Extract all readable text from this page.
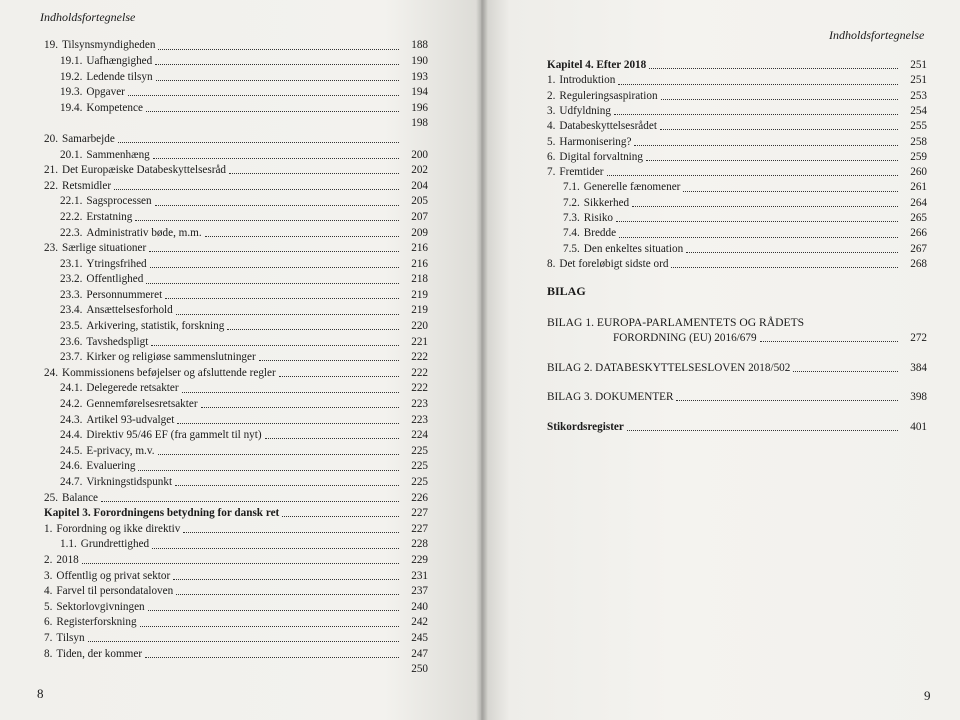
Indholdsfortegnelse
19. Tilsynsmyndigheden	188
19.1. Uafhængighed	190
19.2. Ledende tilsyn	193
19.3. Opgaver	194
19.4. Kompetence	196
198
20. Samarbejde
20.1. Sammenhæng	200
21. Det Europæiske Databeskyttelsesråd	202
22. Retsmidler	204
22.1. Sagsprocessen	205
22.2. Erstatning	207
22.3. Administrativ bøde, m.m.	209
23. Særlige situationer	216
23.1. Ytringsfrihed	216
23.2. Offentlighed	218
23.3. Personnummeret	219
23.4. Ansættelsesforhold	219
23.5. Arkivering, statistik, forskning	220
23.6. Tavshedspligt	221
23.7. Kirker og religiøse sammenslutninger	222
24. Kommissionens beføjelser og afsluttende regler	222
24.1. Delegerede retsakter	222
24.2. Gennemførelsesretsakter	223
24.3. Artikel 93-udvalget	223
24.4. Direktiv 95/46 EF (fra gammelt til nyt)	224
24.5. E-privacy, m.v.	225
24.6. Evaluering	225
24.7. Virkningstidspunkt	225
25. Balance	226
Kapitel 3. Forordningens betydning for dansk ret	227
1. Forordning og ikke direktiv	227
1.1. Grundrettighed	228
2. 2018	229
3. Offentlig og privat sektor	231
4. Farvel til persondataloven	237
5. Sektorlovgivningen	240
6. Registerforskning	242
7. Tilsyn	245
8. Tiden, der kommer	247
250
8
Indholdsfortegnelse
Kapitel 4. Efter 2018	251
1. Introduktion	251
2. Reguleringsaspiration	253
3. Udfyldning	254
4. Databeskyttelsesrådet	255
5. Harmonisering?	258
6. Digital forvaltning	259
7. Fremtider	260
7.1. Generelle fænomener	261
7.2. Sikkerhed	264
7.3. Risiko	265
7.4. Bredde	266
7.5. Den enkeltes situation	267
8. Det foreløbigt sidste ord	268
BILAG
BILAG 1. EUROPA-PARLAMENTETS OG RÅDETS
FORORDNING (EU) 2016/679	272
BILAG 2. DATABESKYTTELSESLOVEN 2018/502	384
BILAG 3. DOKUMENTER	398
Stikordsregister	401
9
